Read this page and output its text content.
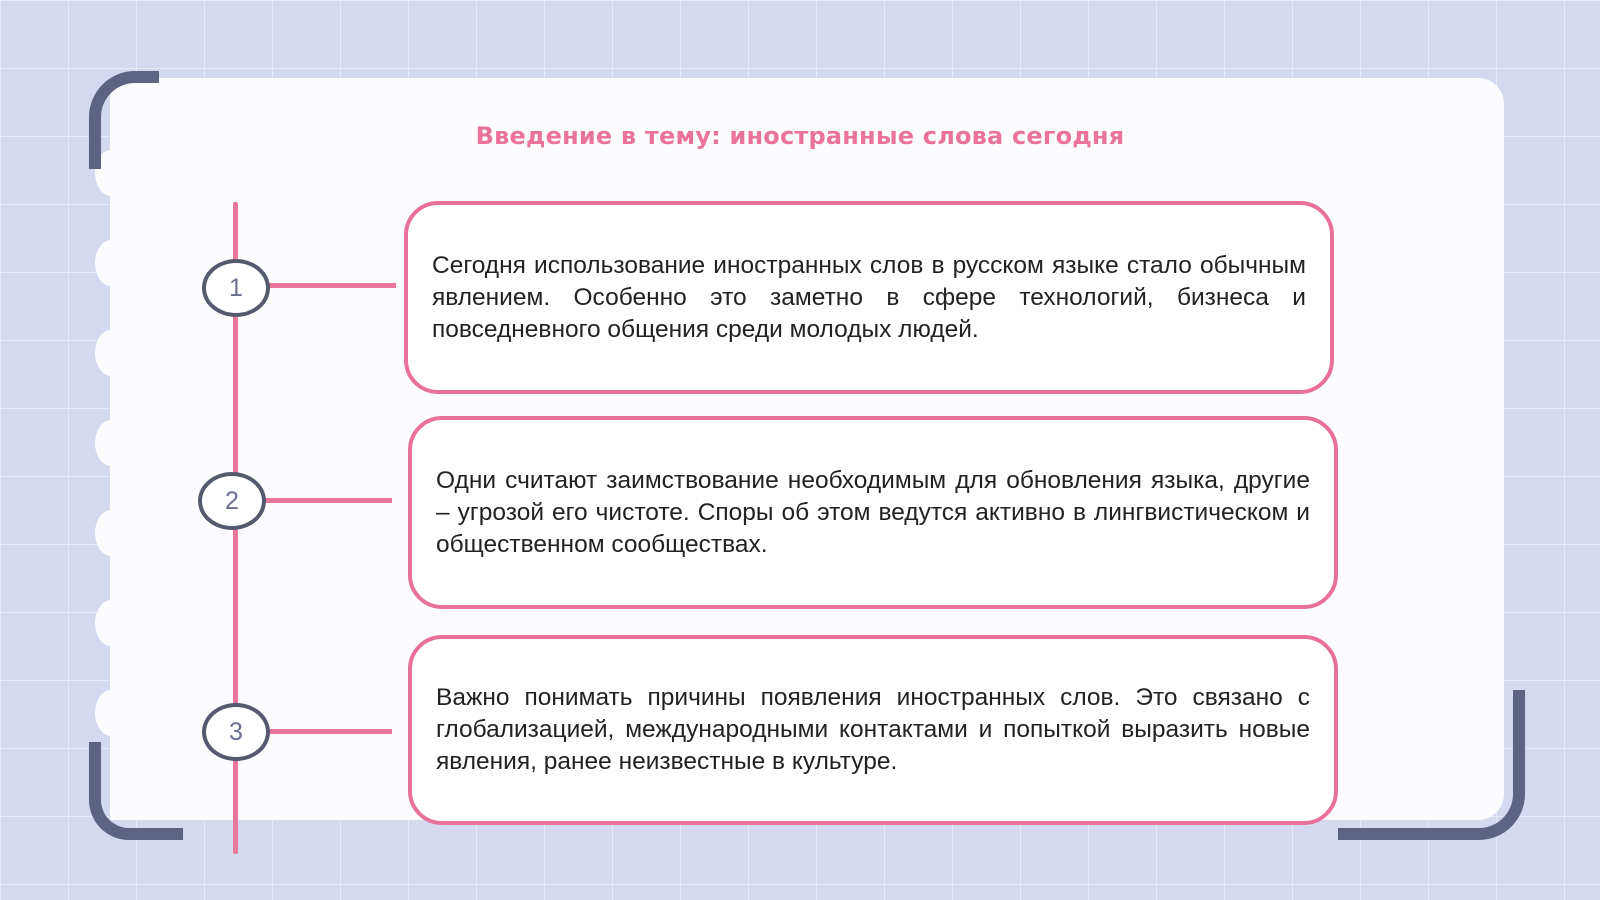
Введение в тему: иностранные слова сегодня
1
2
3

Сегодня использование иностранных слов в русском языке стало обычным явлением. Особенно это заметно в сфере технологий, бизнеса и повседневного общения среди молодых людей.

Одни считают заимствование необходимым для обновления языка, другие – угрозой его чистоте. Споры об этом ведутся активно в лингвистическом и общественном сообществах.

Важно понимать причины появления иностранных слов. Это связано с глобализацией, международными контактами и попыткой выразить новые явления, ранее неизвестные в культуре.
